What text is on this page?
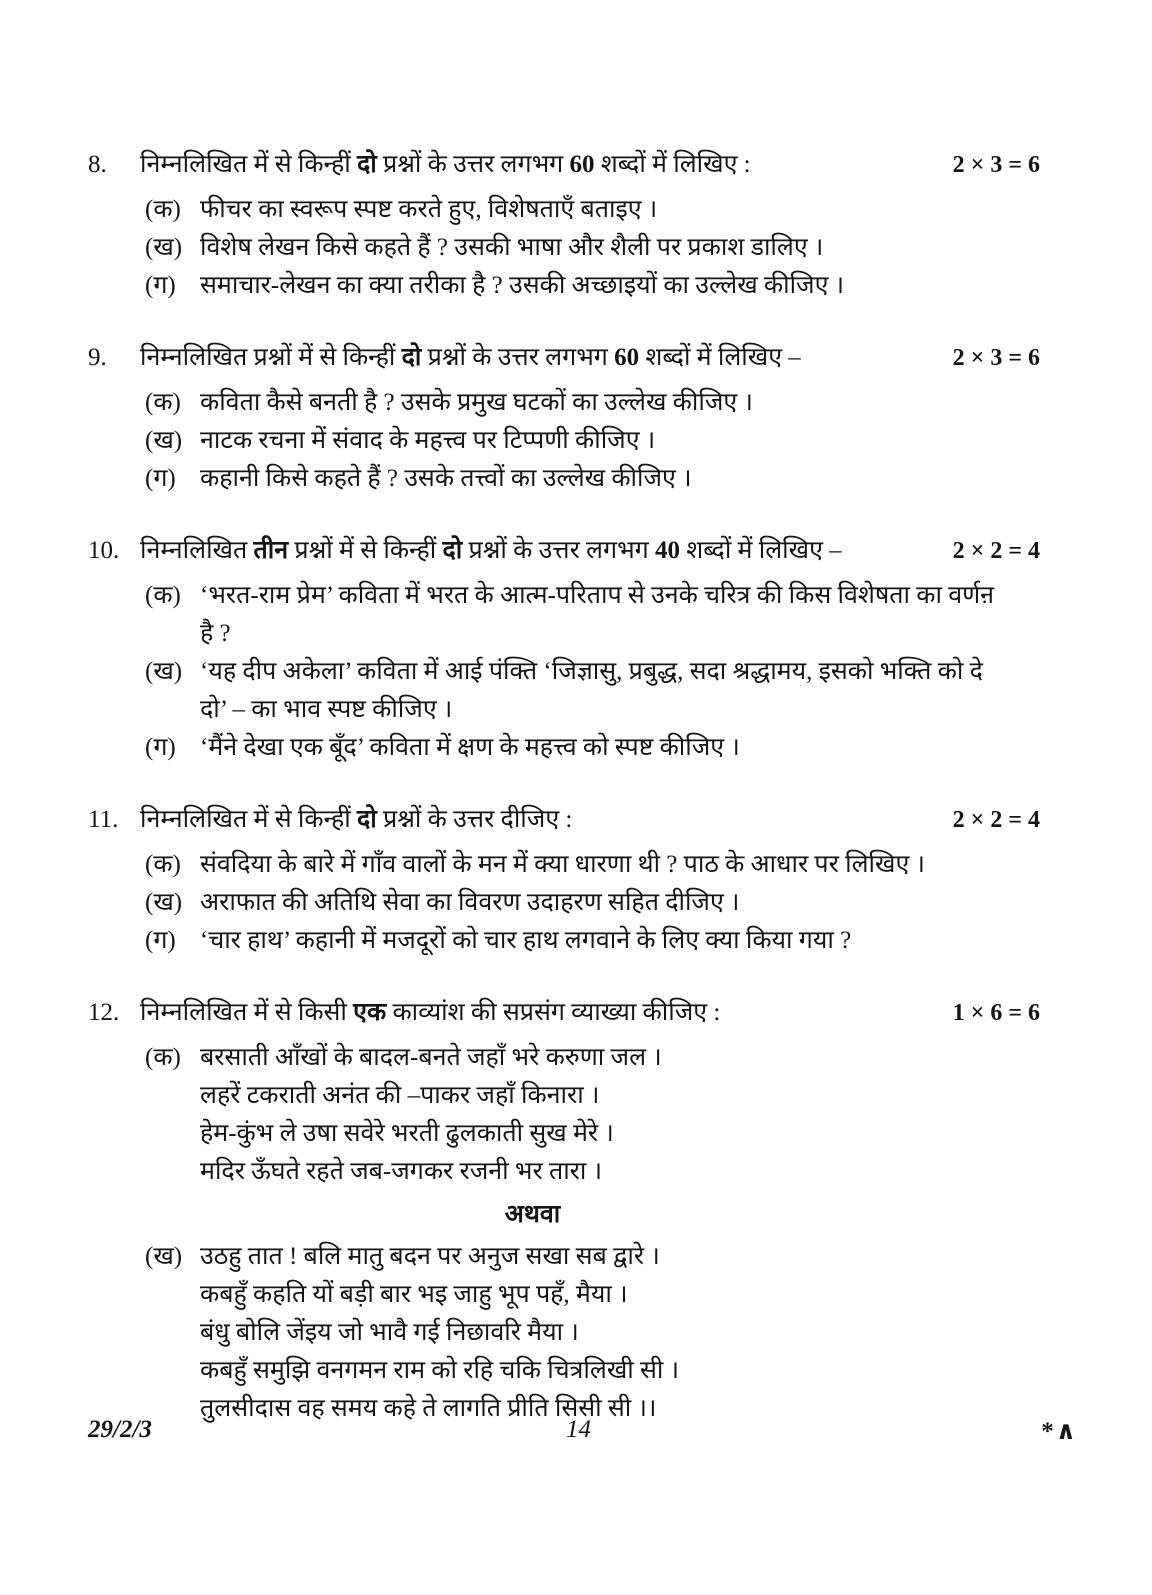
8.	निम्नलिखित में से किन्हीं दो प्रश्नों के उत्तर लगभग 60 शब्दों में लिखिए :	2 × 3 = 6
(क) फीचर का स्वरूप स्पष्ट करते हुए, विशेषताएँ बताइए ।
(ख) विशेष लेखन किसे कहते हैं ? उसकी भाषा और शैली पर प्रकाश डालिए ।
(ग) समाचार-लेखन का क्या तरीका है ? उसकी अच्छाइयों का उल्लेख कीजिए ।
9.	निम्नलिखित प्रश्नों में से किन्हीं दो प्रश्नों के उत्तर लगभग 60 शब्दों में लिखिए –	2 × 3 = 6
(क) कविता कैसे बनती है ? उसके प्रमुख घटकों का उल्लेख कीजिए ।
(ख) नाटक रचना में संवाद के महत्त्व पर टिप्पणी कीजिए ।
(ग) कहानी किसे कहते हैं ? उसके तत्त्वों का उल्लेख कीजिए ।
10. निम्नलिखित तीन प्रश्नों में से किन्हीं दो प्रश्नों के उत्तर लगभग 40 शब्दों में लिखिए –	2 × 2 = 4
(क) ‘भरत-राम प्रेम’ कविता में भरत के आत्म-परिताप से उनके चरित्र की किस विशेषता का वर्णऩ है ?
(ख) ‘यह दीप अकेला’ कविता में आई पंक्ति ‘जिज्ञासु, प्रबुद्ध, सदा श्रद्धामय, इसको भक्ति को दे दो’ – का भाव स्पष्ट कीजिए ।
(ग) ‘मैंने देखा एक बूँद’ कविता में क्षण के महत्त्व को स्पष्ट कीजिए ।
11. निम्नलिखित में से किन्हीं दो प्रश्नों के उत्तर दीजिए :	2 × 2 = 4
(क) संवदिया के बारे में गाँव वालों के मन में क्या धारणा थी ? पाठ के आधार पर लिखिए ।
(ख) अराफात की अतिथि सेवा का विवरण उदाहरण सहित दीजिए ।
(ग) ‘चार हाथ’ कहानी में मजदूरों को चार हाथ लगवाने के लिए क्या किया गया ?
12. निम्नलिखित में से किसी एक काव्यांश की सप्रसंग व्याख्या कीजिए :	1 × 6 = 6
(क) बरसाती आँखों के बादल-बनते जहाँ भरे करुणा जल ।
लहरें टकराती अनंत की –पाकर जहाँ किनारा ।
हेम-कुंभ ले उषा सवेरे भरती ढुलकाती सुख मेरे ।
मदिर ऊँघते रहते जब-जगकर रजनी भर तारा ।
अथवा
(ख) उठहु तात ! बलि मातु बदन पर अनुज सखा सब द्वारे ।
कबहुँ कहति यों बड़ी बार भइ जाहु भूप पहँ, मैया ।
बंधु बोलि जेंइय जो भावै गई निछावरि मैया ।
कबहुँ समुझि वनगमन राम को रहि चकि चित्रलिखी सी ।
तुलसीदास वह समय कहे ते लागति प्रीति सिसी सी ।।
29/2/3	14	*∧
